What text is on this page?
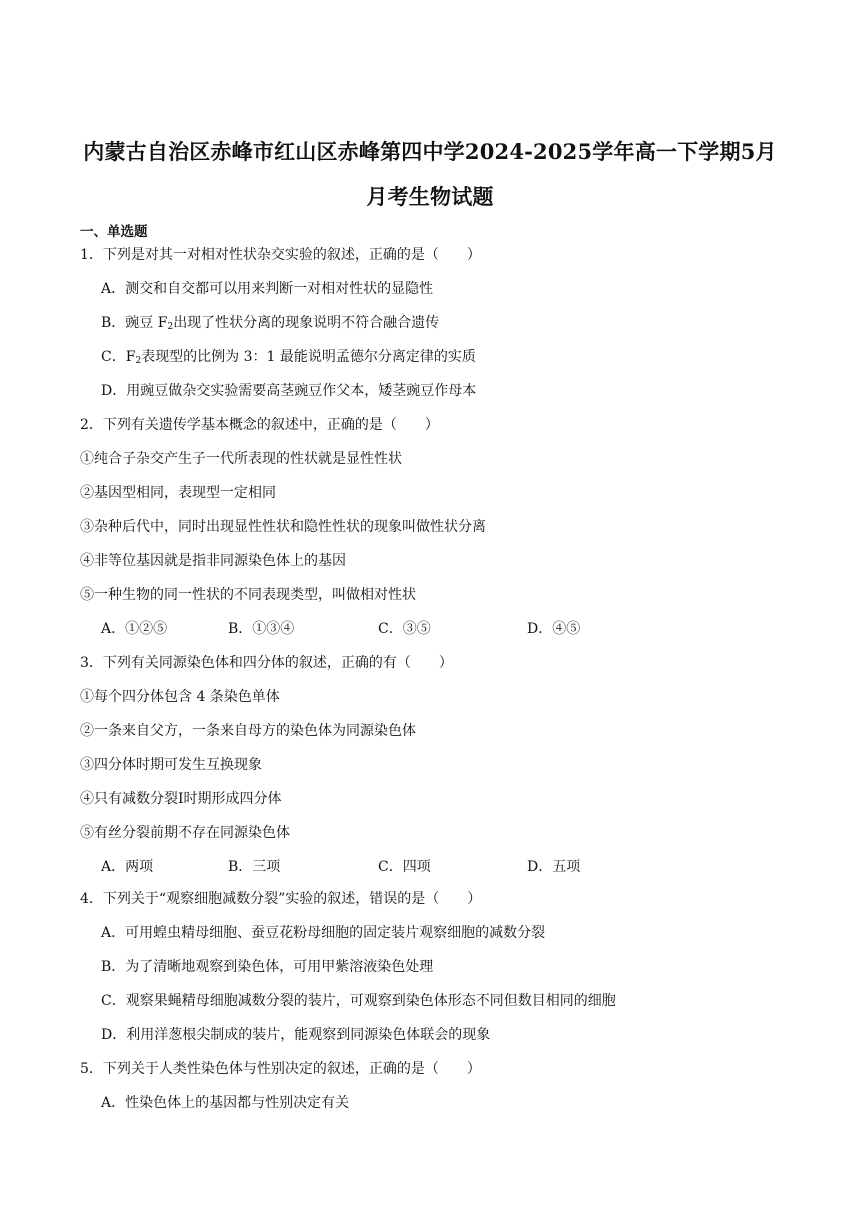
内蒙古自治区赤峰市红山区赤峰第四中学2024-2025学年高一下学期5月
月考生物试题
一、单选题
1．下列是对其一对相对性状杂交实验的叙述，正确的是（　　）
A．测交和自交都可以用来判断一对相对性状的显隐性
B．豌豆 $F_2$出现了性状分离的现象说明不符合融合遗传
C．$F_2$表现型的比例为 3：1 最能说明孟德尔分离定律的实质
D．用豌豆做杂交实验需要高茎豌豆作父本，矮茎豌豆作母本
2．下列有关遗传学基本概念的叙述中，正确的是（　　）
①纯合子杂交产生子一代所表现的性状就是显性性状
②基因型相同，表现型一定相同
③杂种后代中，同时出现显性性状和隐性性状的现象叫做性状分离
④非等位基因就是指非同源染色体上的基因
⑤一种生物的同一性状的不同表现类型，叫做相对性状
A．①②⑤	B．①③④	C．③⑤	D．④⑤
3．下列有关同源染色体和四分体的叙述，正确的有（　　）
①每个四分体包含 4 条染色单体
②一条来自父方，一条来自母方的染色体为同源染色体
③四分体时期可发生互换现象
④只有减数分裂Ⅰ时期形成四分体
⑤有丝分裂前期不存在同源染色体
A．两项	B．三项	C．四项	D．五项
4．下列关于“观察细胞减数分裂”实验的叙述，错误的是（　　）
A．可用蝗虫精母细胞、蚕豆花粉母细胞的固定装片观察细胞的减数分裂
B．为了清晰地观察到染色体，可用甲紫溶液染色处理
C．观察果蝇精母细胞减数分裂的装片，可观察到染色体形态不同但数目相同的细胞
D．利用洋葱根尖制成的装片，能观察到同源染色体联会的现象
5．下列关于人类性染色体与性别决定的叙述，正确的是（　　）
A．性染色体上的基因都与性别决定有关
